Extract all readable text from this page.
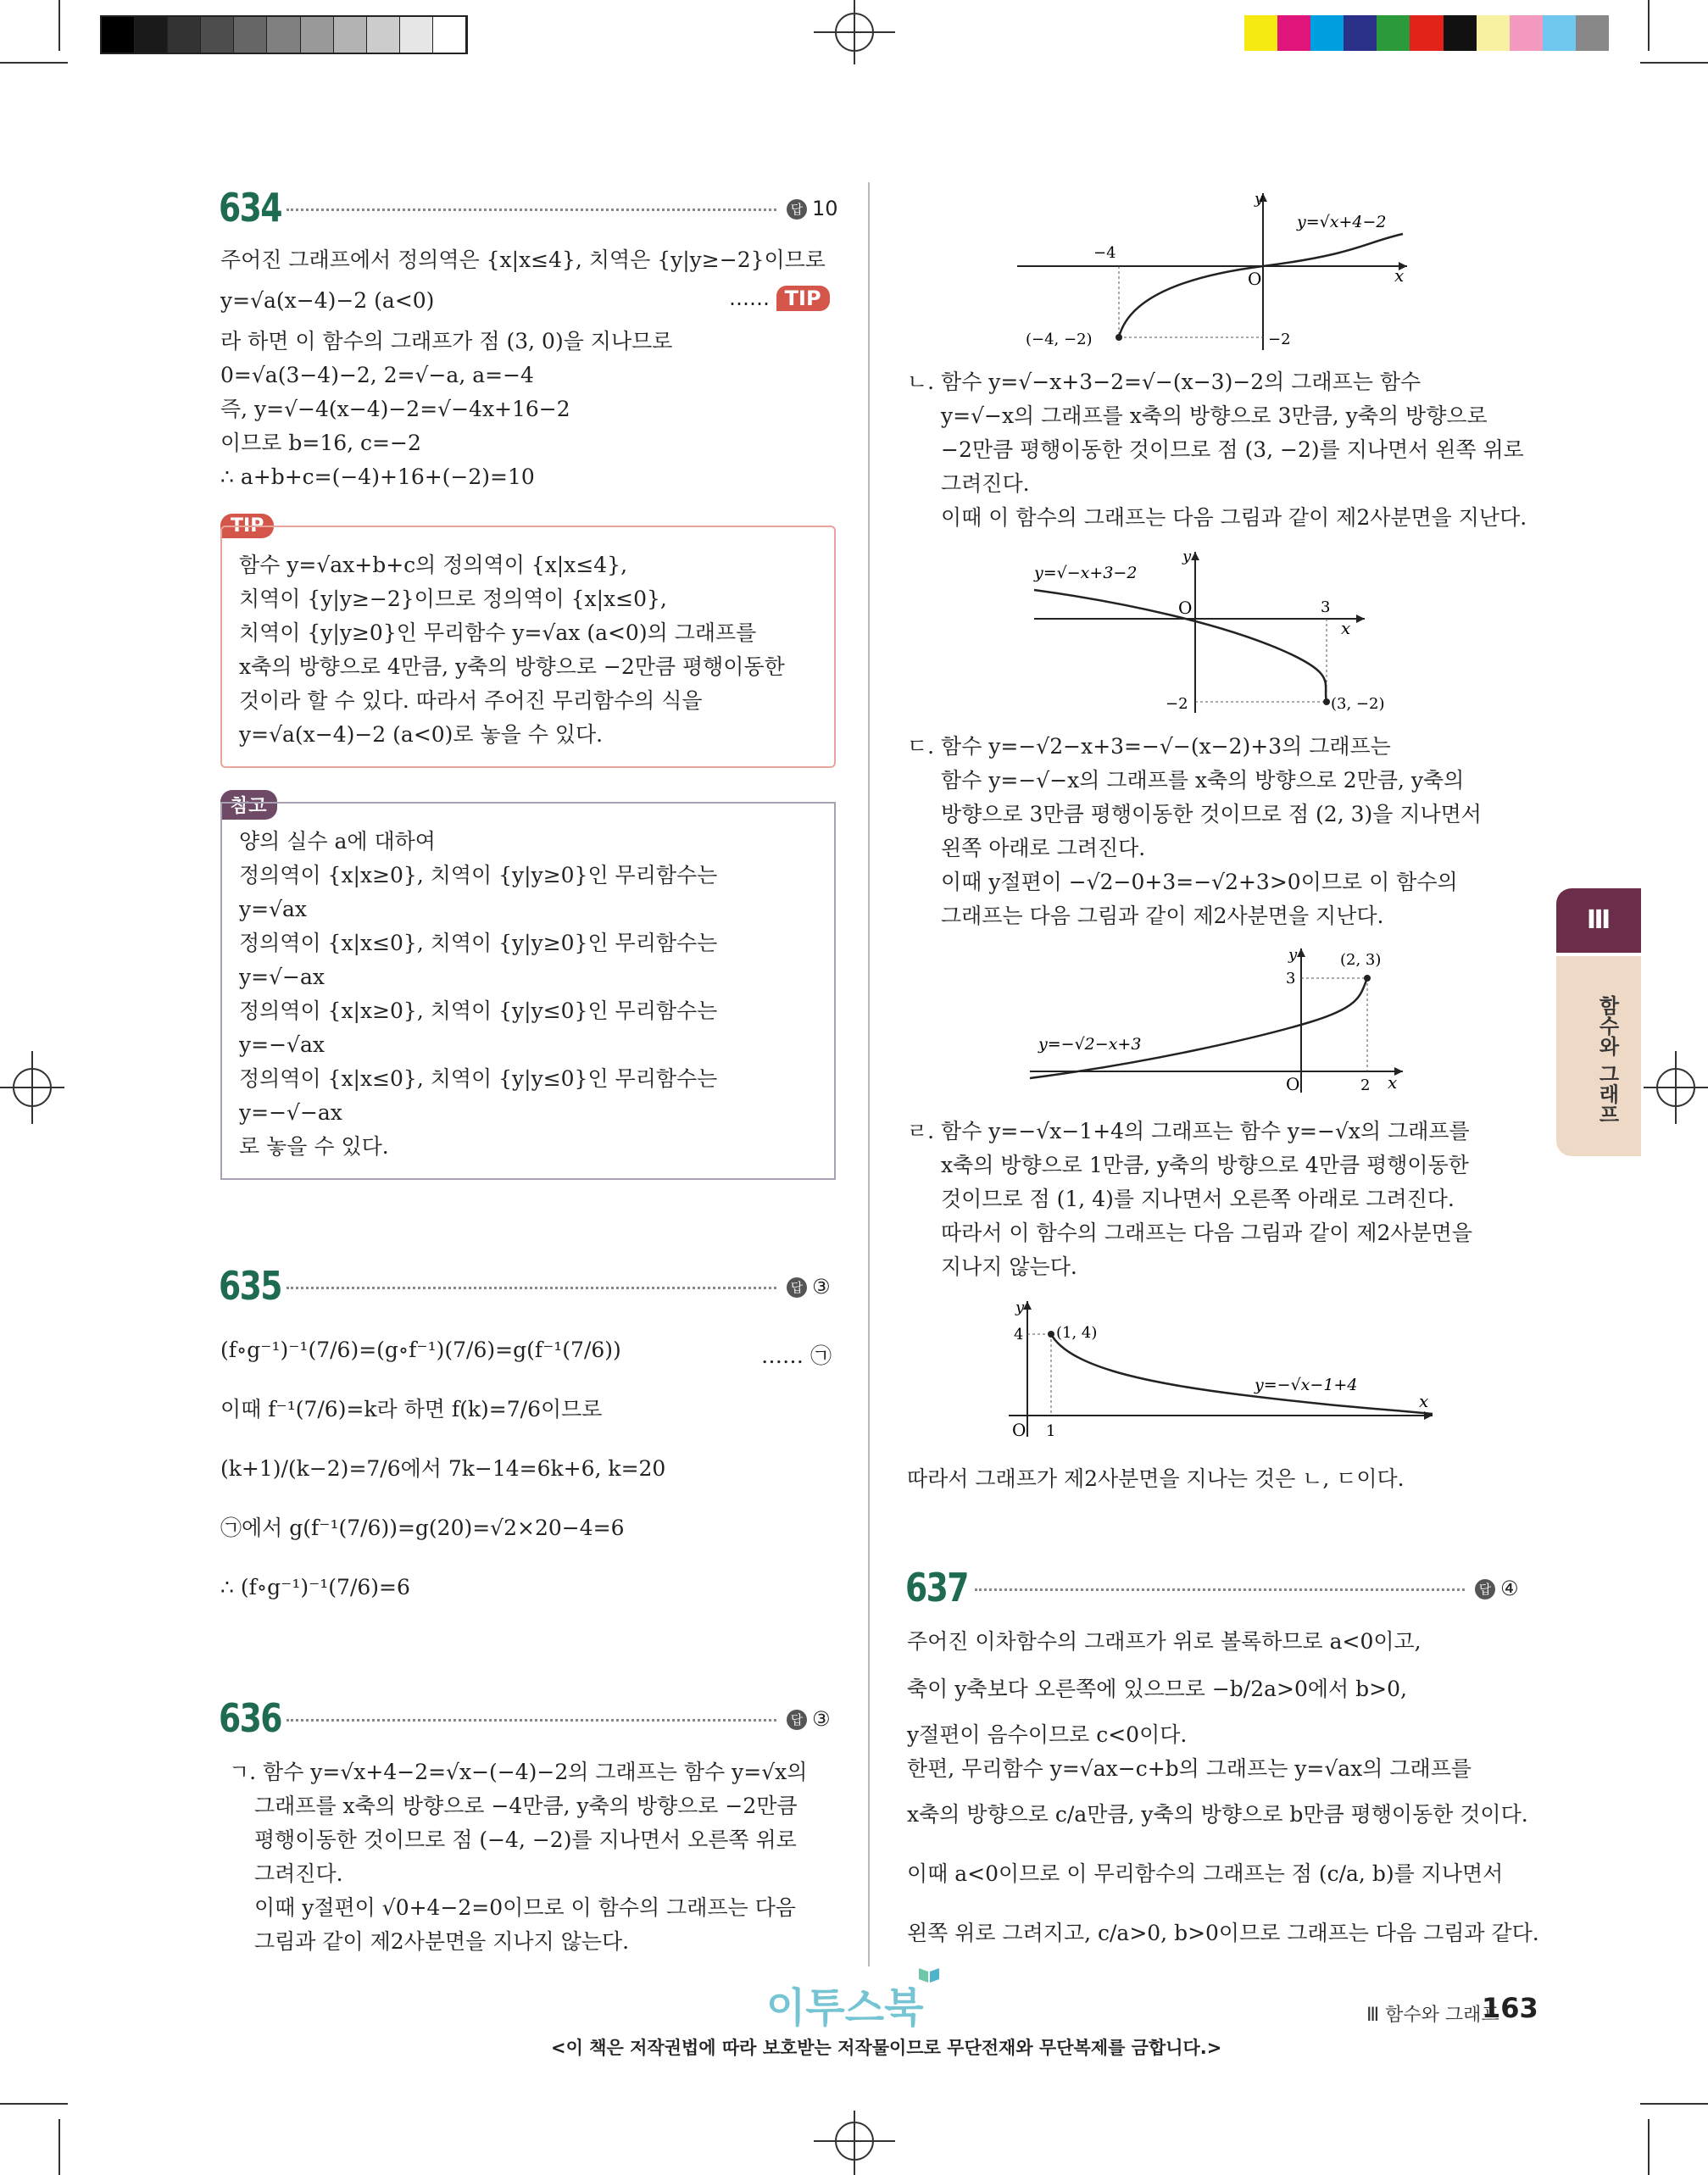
634	답 10
주어진 그래프에서 정의역은 {x|x≤4}, 치역은 {y|y≥−2}이므로
y=√a(x−4)−2 (a<0)	…… TIP
라 하면 이 함수의 그래프가 점 (3, 0)을 지나므로
0=√a(3−4)−2, 2=√−a, a=−4
즉, y=√−4(x−4)−2=√−4x+16−2
이므로 b=16, c=−2
∴ a+b+c=(−4)+16+(−2)=10
TIP
함수 y=√ax+b+c의 정의역이 {x|x≤4},
치역이 {y|y≥−2}이므로 정의역이 {x|x≤0},
치역이 {y|y≥0}인 무리함수 y=√ax (a<0)의 그래프를
x축의 방향으로 4만큼, y축의 방향으로 −2만큼 평행이동한
것이라 할 수 있다. 따라서 주어진 무리함수의 식을
y=√a(x−4)−2 (a<0)로 놓을 수 있다.
참고
양의 실수 a에 대하여
정의역이 {x|x≥0}, 치역이 {y|y≥0}인 무리함수는
y=√ax
정의역이 {x|x≤0}, 치역이 {y|y≥0}인 무리함수는
y=√−ax
정의역이 {x|x≥0}, 치역이 {y|y≤0}인 무리함수는
y=−√ax
정의역이 {x|x≤0}, 치역이 {y|y≤0}인 무리함수는
y=−√−ax
로 놓을 수 있다.
635	답 ③
(f∘g⁻¹)⁻¹(7/6)=(g∘f⁻¹)(7/6)=g(f⁻¹(7/6))	…… ㉠
이때 f⁻¹(7/6)=k라 하면 f(k)=7/6이므로
(k+1)/(k−2)=7/6에서 7k−14=6k+6, k=20
㉠에서 g(f⁻¹(7/6))=g(20)=√2×20−4=6
∴ (f∘g⁻¹)⁻¹(7/6)=6
636	답 ③
ㄱ. 함수 y=√x+4−2=√x−(−4)−2의 그래프는 함수 y=√x의
그래프를 x축의 방향으로 −4만큼, y축의 방향으로 −2만큼
평행이동한 것이므로 점 (−4, −2)를 지나면서 오른쪽 위로
그려진다.
이때 y절편이 √0+4−2=0이므로 이 함수의 그래프는 다음
그림과 같이 제2사분면을 지나지 않는다.
y
x
O
−4
−2
(−4, −2)
y=√x+4−2
ㄴ. 함수 y=√−x+3−2=√−(x−3)−2의 그래프는 함수
y=√−x의 그래프를 x축의 방향으로 3만큼, y축의 방향으로
−2만큼 평행이동한 것이므로 점 (3, −2)를 지나면서 왼쪽 위로
그려진다.
이때 이 함수의 그래프는 다음 그림과 같이 제2사분면을 지난다.
y
x
O	3
−2	(3, −2)
y=√−x+3−2
ㄷ. 함수 y=−√2−x+3=−√−(x−2)+3의 그래프는
함수 y=−√−x의 그래프를 x축의 방향으로 2만큼, y축의
방향으로 3만큼 평행이동한 것이므로 점 (2, 3)을 지나면서
왼쪽 아래로 그려진다.
이때 y절편이 −√2−0+3=−√2+3>0이므로 이 함수의
그래프는 다음 그림과 같이 제2사분면을 지난다.
y
x
O	2
3
(2, 3)
y=−√2−x+3
ㄹ. 함수 y=−√x−1+4의 그래프는 함수 y=−√x의 그래프를
x축의 방향으로 1만큼, y축의 방향으로 4만큼 평행이동한
것이므로 점 (1, 4)를 지나면서 오른쪽 아래로 그려진다.
따라서 이 함수의 그래프는 다음 그림과 같이 제2사분면을
지나지 않는다.
y
x
O 1
4 (1, 4)
y=−√x−1+4
따라서 그래프가 제2사분면을 지나는 것은 ㄴ, ㄷ이다.
637	답 ④
주어진 이차함수의 그래프가 위로 볼록하므로 a<0이고,
축이 y축보다 오른쪽에 있으므로 −b/2a>0에서 b>0,
y절편이 음수이므로 c<0이다.
한편, 무리함수 y=√ax−c+b의 그래프는 y=√ax의 그래프를
x축의 방향으로 c/a만큼, y축의 방향으로 b만큼 평행이동한 것이다.
이때 a<0이므로 이 무리함수의 그래프는 점 (c/a, b)를 지나면서
왼쪽 위로 그려지고, c/a>0, b>0이므로 그래프는 다음 그림과 같다.
Ⅲ
함수와 그래프
이투스북	Ⅲ 함수와 그래프
163
<이 책은 저작권법에 따라 보호받는 저작물이므로 무단전재와 무단복제를 금합니다.>
